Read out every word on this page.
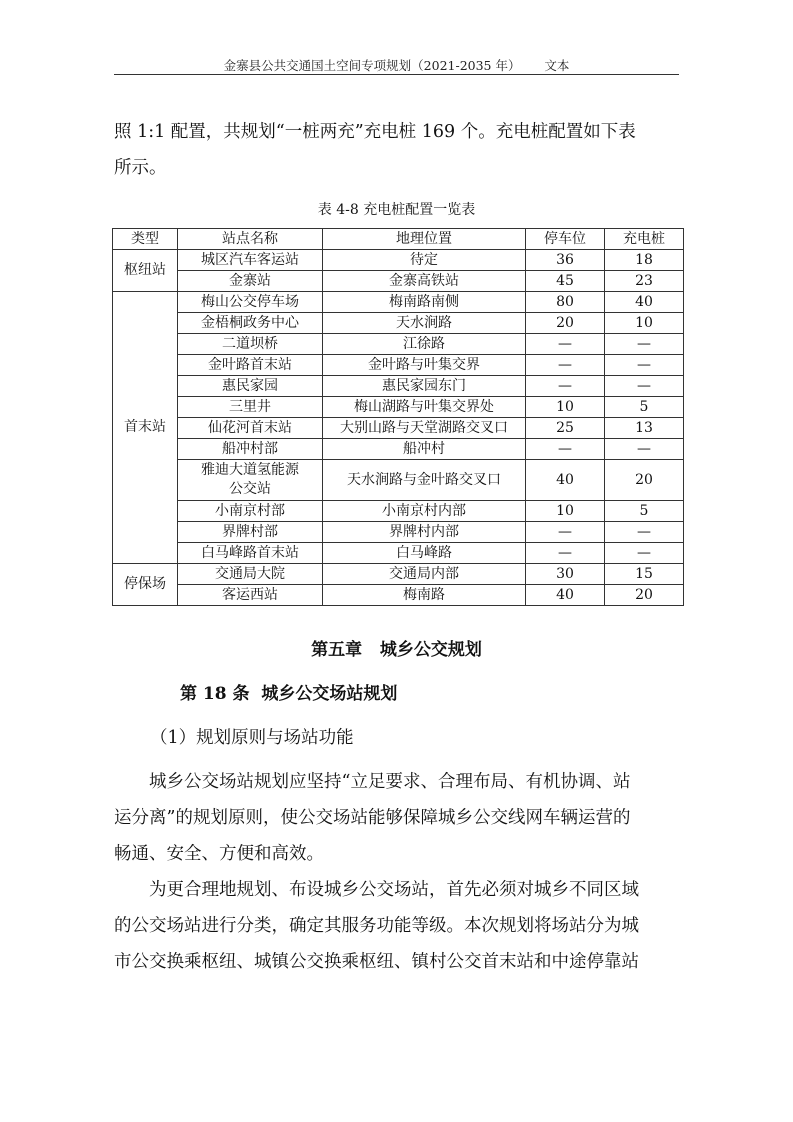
金寨县公共交通国土空间专项规划（2021-2035 年） 文本
照 1:1 配置，共规划“一桩两充”充电桩 169 个。充电桩配置如下表
所示。
表 4-8 充电桩配置一览表
类型	站点名称	地理位置	停车位	充电桩
枢纽站	城区汽车客运站	待定	36	18
	金寨站	金寨高铁站	45	23
首末站	梅山公交停车场	梅南路南侧	80	40
	金梧桐政务中心	天水涧路	20	10
	二道坝桥	江徐路	—	—
	金叶路首末站	金叶路与叶集交界	—	—
	惠民家园	惠民家园东门	—	—
	三里井	梅山湖路与叶集交界处	10	5
	仙花河首末站	大别山路与天堂湖路交叉口	25	13
	船冲村部	船冲村	—	—
	雅迪大道氢能源
公交站	天水涧路与金叶路交叉口	40	20
	小南京村部	小南京村内部	10	5
	界牌村部	界牌村内部	—	—
	白马峰路首末站	白马峰路	—	—
停保场	交通局大院	交通局内部	30	15
	客运西站	梅南路	40	20
第五章   城乡公交规划
第 18 条  城乡公交场站规划
（1）规划原则与场站功能
城乡公交场站规划应坚持“立足要求、合理布局、有机协调、站
运分离”的规划原则，使公交场站能够保障城乡公交线网车辆运营的
畅通、安全、方便和高效。
为更合理地规划、布设城乡公交场站，首先必须对城乡不同区域
的公交场站进行分类，确定其服务功能等级。本次规划将场站分为城
市公交换乘枢纽、城镇公交换乘枢纽、镇村公交首末站和中途停靠站
